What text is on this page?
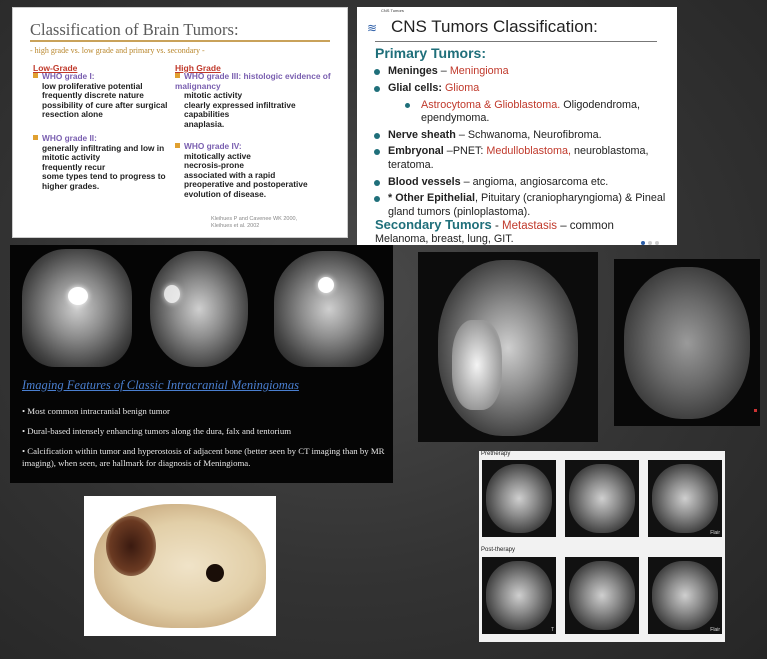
Classification of Brain Tumors:
- high grade vs. low grade and primary vs. secondary -
Low-Grade	High Grade
WHO grade I:
low proliferative potential
frequently discrete nature
possibility of cure after surgical resection alone
WHO grade II:
generally infiltrating and low in mitotic activity
frequently recur
some types tend to progress to higher grades.
WHO grade III: histologic evidence of malignancy
mitotic activity
clearly expressed infiltrative capabilities
anaplasia.
WHO grade IV:
mitotically active
necrosis-prone
associated with a rapid preoperative and postoperative evolution of disease.
Kleihues P and Cavenee WK 2000,
Kleihues et al. 2002
CNS Tumors
≋ CNS Tumors Classification:
Primary Tumors:
Meninges – Meningioma
Glial cells: Glioma
Astrocytoma & Glioblastoma. Oligodendroma, ependymoma.
Nerve sheath – Schwanoma, Neurofibroma.
Embryonal –PNET: Medulloblastoma, neuroblastoma, teratoma.
Blood vessels – angioma, angiosarcoma etc.
* Other Epithelial, Pituitary (craniopharyngioma) & Pineal gland tumors (pinloplastoma).
Secondary Tumors - Metastasis – common
Melanoma, breast, lung, GIT.
Imaging Features of Classic Intracranial Meningiomas
• Most common intracranial benign tumor
• Dural-based intensely enhancing tumors along the dura, falx and tentorium
• Calcification within tumor and hyperostosis of adjacent bone (better seen by CT imaging than by MR imaging), when seen, are hallmark for diagnosis of Meningioma.
Pretherapy
Flair
Post-therapy
T	Flair
